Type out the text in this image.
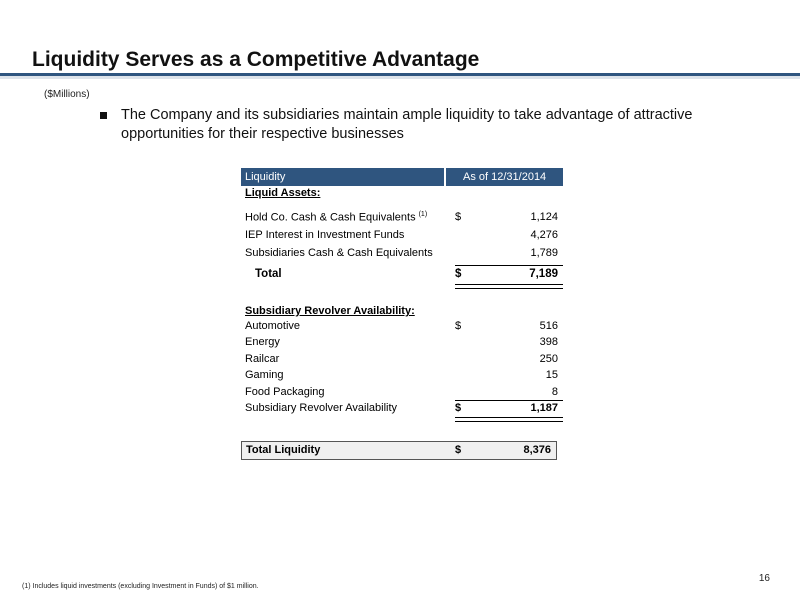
Liquidity Serves as a Competitive Advantage
($Millions)
The Company and its subsidiaries maintain ample liquidity to take advantage of attractive opportunities for their respective businesses
Liquidity	As of 12/31/2014
Liquid Assets:
Hold Co. Cash & Cash Equivalents $^{(1)}$	$	1,124
IEP Interest in Investment Funds	4,276
Subsidiaries Cash & Cash Equivalents	1,789
Total	$	7,189
Subsidiary Revolver Availability:
Automotive	$	516
Energy	398
Railcar	250
Gaming	15
Food Packaging	8
Subsidiary Revolver Availability	$	1,187
Total Liquidity	$	8,376
16
(1) Includes liquid investments (excluding Investment in Funds) of $1 million.
